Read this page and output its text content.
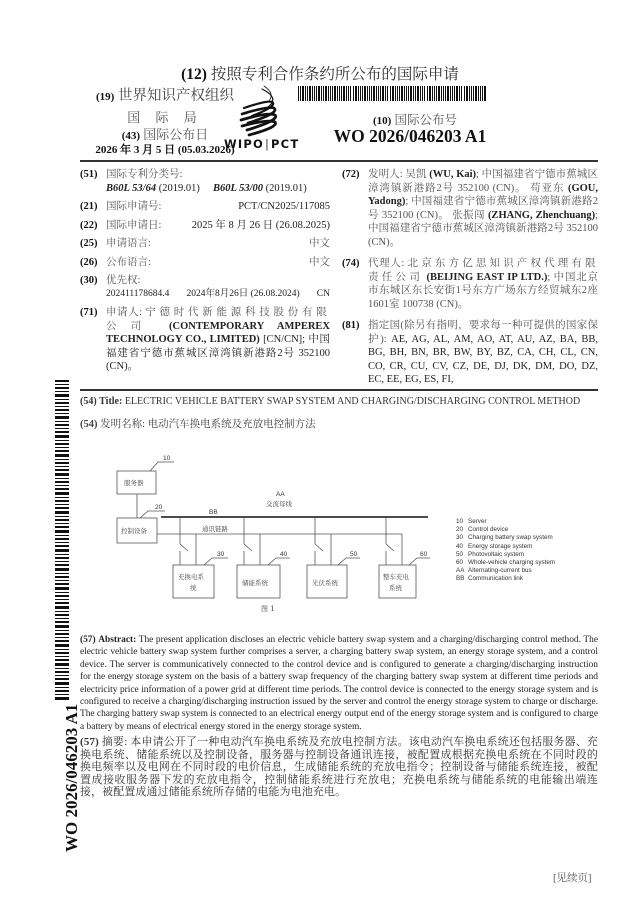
(12) 按照专利合作条约所公布的国际申请
(19) 世界知识产权组织
国 际 局
(43) 国际公布日
2026 年 3 月 5 日 (05.03.2026)
WIPO|PCT
(10) 国际公布号
WO 2026/046203 A1
(51) 国际专利分类号:
B60L 53/64 (2019.01) B60L 53/00 (2019.01)
(21) 国际申请号:	PCT/CN2025/117085
(22) 国际申请日:	2025 年 8 月 26 日 (26.08.2025)
(25) 申请语言:	中文
(26) 公布语言:	中文
(30) 优先权:
202411178684.4 2024年8月26日 (26.08.2024) CN
(71) 申请人: 宁德时代新能源科技股份有限公司 (CONTEMPORARY AMPEREX TECHNOLOGY CO., LIMITED) [CN/CN]; 中国福建省宁德市蕉城区漳湾镇新港路2号 352100 (CN)。
(72) 发明人: 吴凯 (WU, Kai); 中国福建省宁德市蕉城区漳湾镇新港路2号 352100 (CN)。 苟亚东 (GOU, Yadong); 中国福建省宁德市蕉城区漳湾镇新港路2号 352100 (CN)。 张振闯 (ZHANG, Zhenchuang); 中国福建省宁德市蕉城区漳湾镇新港路2号 352100 (CN)。
(74) 代理人: 北京东方亿思知识产权代理有限责任公司 (BEIJING EAST IP LTD.); 中国北京市东城区东长安街1号东方广场东方经贸城东2座1601室 100738 (CN)。
(81) 指定国(除另有指明，要求每一种可提供的国家保护): AE, AG, AL, AM, AO, AT, AU, AZ, BA, BB, BG, BH, BN, BR, BW, BY, BZ, CA, CH, CL, CN, CO, CR, CU, CV, CZ, DE, DJ, DK, DM, DO, DZ, EC, EE, EG, ES, FI,
(54) Title: ELECTRIC VEHICLE BATTERY SWAP SYSTEM AND CHARGING/DISCHARGING CONTROL METHOD
(54) 发明名称: 电动汽车换电系统及充放电控制方法
10
20
30	40	50	60
AA
BB
服务器
控制设备
交流母线
通讯链路
充换电系
统
储能系统	光伏系统
整车充电
系统
图 1
10 Server
20 Control device
30 Charging battery swap system
40 Energy storage system
50 Photovoltaic system
60 Whole-vehicle charging system
AA Alternating-current bus
BB Communication link
(57) Abstract: The present application discloses an electric vehicle battery swap system and a charging/discharging control method. The electric vehicle battery swap system further comprises a server, a charging battery swap system, an energy storage system, and a control device. The server is communicatively connected to the control device and is configured to generate a charging/discharging instruction for the energy storage system on the basis of a battery swap frequency of the charging battery swap system at different time periods and electricity price information of a power grid at different time periods. The control device is connected to the energy storage system and is configured to receive a charging/discharging instruction issued by the server and control the energy storage system to charge or discharge. The charging battery swap system is connected to an electrical energy output end of the energy storage system and is configured to charge a battery by means of electrical energy stored in the energy storage system.
(57) 摘要: 本申请公开了一种电动汽车换电系统及充放电控制方法。该电动汽车换电系统还包括服务器、充换电系统、储能系统以及控制设备，服务器与控制设备通讯连接，被配置成根据充换电系统在不同时段的换电频率以及电网在不同时段的电价信息，生成储能系统的充放电指令；控制设备与储能系统连接，被配置成接收服务器下发的充放电指令，控制储能系统进行充放电；充换电系统与储能系统的电能输出端连接，被配置成通过储能系统所存储的电能为电池充电。
WO 2026/046203 A1
[见续页]
